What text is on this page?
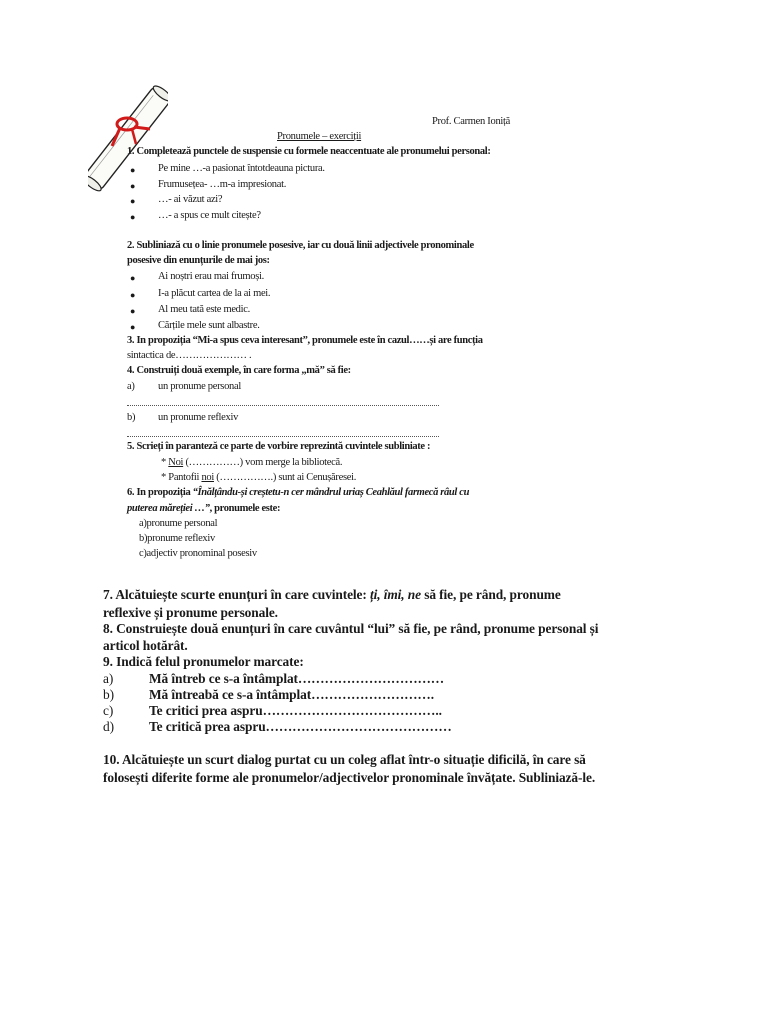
Prof. Carmen Ioniță
Pronumele – exerciții
1. Completează punctele de suspensie cu formele neaccentuate ale pronumelui personal:
● Pe mine …-a pasionat întotdeauna pictura.
● Frumusețea- …m-a impresionat.
● …- ai văzut azi?
● …- a spus ce mult citește?
2. Subliniază cu o linie pronumele posesive, iar cu două linii adjectivele pronominale
posesive din enunțurile de mai jos:
● Ai noștri erau mai frumoși.
● I-a plăcut cartea de la ai mei.
● Al meu tată este medic.
● Cărțile mele sunt albastre.
3. In propoziția “Mi-a spus ceva interesant”, pronumele este în cazul……și are funcția
sintactica de………………… .
4. Construiți două exemple, în care forma „mă” să fie:
a) un pronume personal
b) un pronume reflexiv
5. Scrieți în paranteză ce parte de vorbire reprezintă cuvintele subliniate :
* Noi (……………) vom merge la bibliotecă.
* Pantofii noi (…………….) sunt ai Cenușăresei.
6. In propoziția “Înălțându-și creștetu-n cer mândrul uriaș Ceahlăul farmecă râul cu
puterea măreției …”, pronumele este:
a)pronume personal
b)pronume reflexiv
c)adjectiv pronominal posesiv
7. Alcătuiește scurte enunțuri în care cuvintele: ți, îmi, ne să fie, pe rând, pronume
reflexive și pronume personale.
8. Construiește două enunțuri în care cuvântul “lui” să fie, pe rând, pronume personal și
articol hotărât.
9. Indică felul pronumelor marcate:
a)	Mă întreb ce s-a întâmplat……………………………
b)	Mă întreabă ce s-a întâmplat……………………….
c)	Te critici prea aspru…………………………………..
d)	Te critică prea aspru……………………………………
10. Alcătuiește un scurt dialog purtat cu un coleg aflat într-o situație dificilă, în care să
folosești diferite forme ale pronumelor/adjectivelor pronominale învățate. Subliniază-le.
